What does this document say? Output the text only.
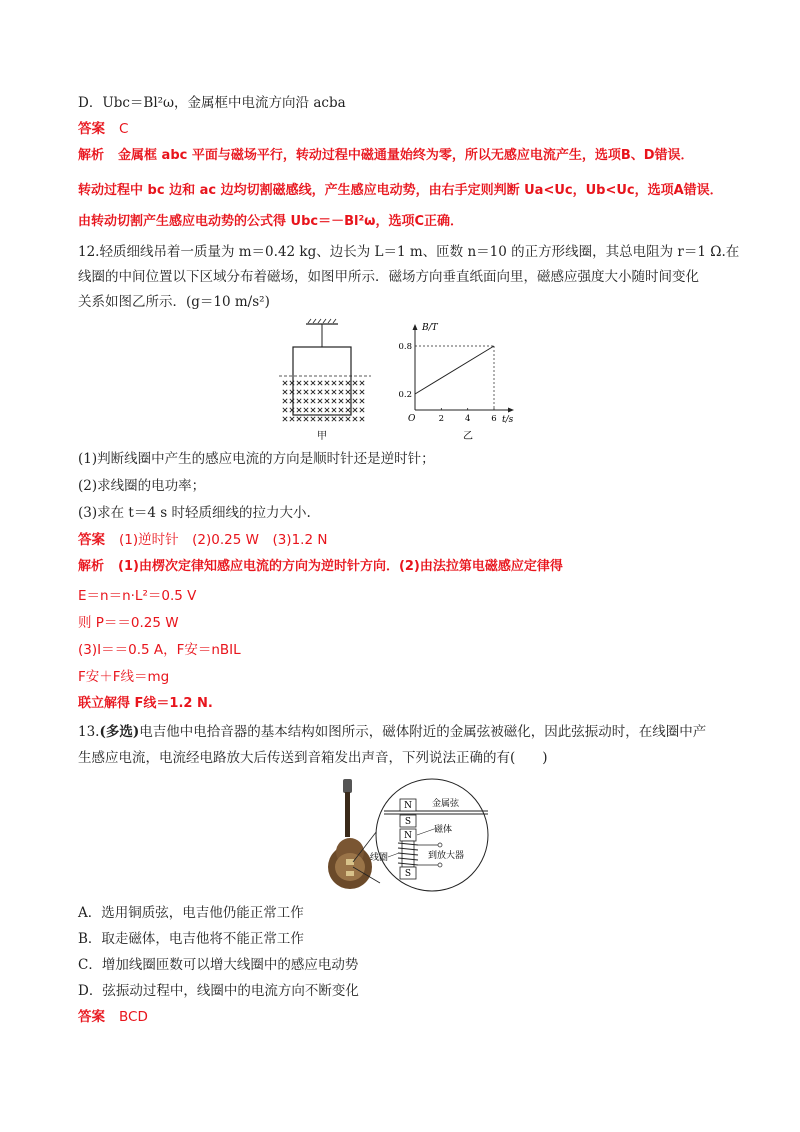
D．Ubc＝Bl²ω，金属框中电流方向沿 acba
答案 C
解析 金属框 abc 平面与磁场平行，转动过程中磁通量始终为零，所以无感应电流产生，选项B、D错误．
转动过程中 bc 边和 ac 边均切割磁感线，产生感应电动势，由右手定则判断 Ua<Uc，Ub<Uc，选项A错误．
由转动切割产生感应电动势的公式得 Ubc＝－Bl²ω，选项C正确．
12.轻质细线吊着一质量为 m＝0.42 kg、边长为 L＝1 m、匝数 n＝10 的正方形线圈，其总电阻为 r＝1 Ω.在
线圈的中间位置以下区域分布着磁场，如图甲所示．磁场方向垂直纸面向里，磁感应强度大小随时间变化
关系如图乙所示．(g＝10 m/s²)
甲
B/T
t/s
O
0.2
0.8
2 4 6
乙
(1)判断线圈中产生的感应电流的方向是顺时针还是逆时针；
(2)求线圈的电功率；
(3)求在 t＝4 s 时轻质细线的拉力大小.
答案 (1)逆时针　(2)0.25 W　(3)1.2 N
解析 (1)由楞次定律知感应电流的方向为逆时针方向．(2)由法拉第电磁感应定律得
E＝n＝n·L²＝0.5 V
则 P＝＝0.25 W
(3)I＝＝0.5 A，F安＝nBIL
F安＋F线＝mg
联立解得 F线＝1.2 N.
13.(多选)电吉他中电拾音器的基本结构如图所示，磁体附近的金属弦被磁化，因此弦振动时，在线圈中产
生感应电流，电流经电路放大后传送到音箱发出声音，下列说法正确的有(　　)
N 金属弦
S
N
S
磁体
到放大器
线圈
A．选用铜质弦，电吉他仍能正常工作
B．取走磁体，电吉他将不能正常工作
C．增加线圈匝数可以增大线圈中的感应电动势
D．弦振动过程中，线圈中的电流方向不断变化
答案 BCD
